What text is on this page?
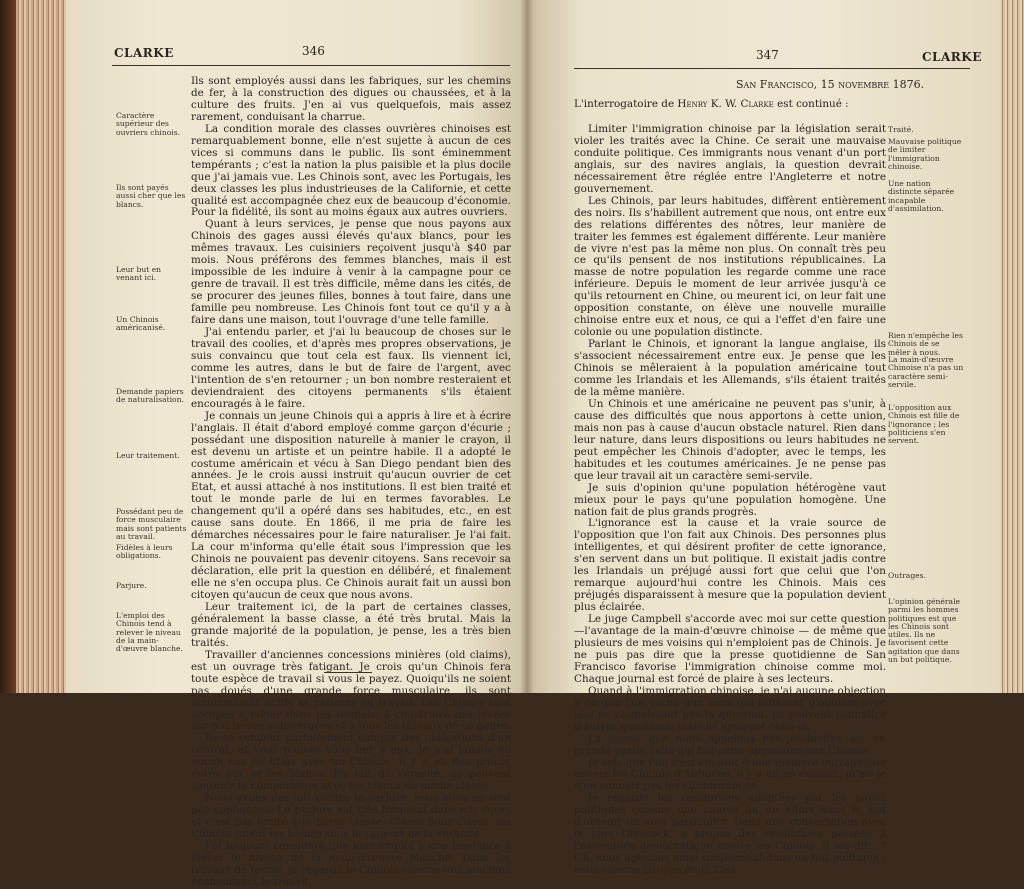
CLARKE	346
Caractère supérieur des ouvriers chinois.
Ils sont payés aussi cher que les blancs.
Leur but en venant ici.
Un Chinois américanisé.
Demande papiers de naturalisation.
Leur traitement.
Possédant peu de force musculaire mais sont patients au travail.
Fidèles à leurs obligations.
Parjure.
L'emploi des Chinois tend à relever le niveau de la main-d'œuvre blanche.

Ils sont employés aussi dans les fabriques, sur les chemins de fer, à la construction des digues ou chaussées, et à la culture des fruits. J'en ai vus quelquefois, mais assez rarement, conduisant la charrue.

La condition morale des classes ouvrières chinoises est remarquablement bonne, elle n'est sujette à aucun de ces vices si communs dans le public. Ils sont éminemment tempérants ; c'est la nation la plus paisible et la plus docile que j'ai jamais vue. Les Chinois sont, avec les Portugais, les deux classes les plus industrieuses de la Californie, et cette qualité est accompagnée chez eux de beaucoup d'économie. Pour la fidélité, ils sont au moins égaux aux autres ouvriers.

Quant à leurs services, je pense que nous payons aux Chinois des gages aussi élevés qu'aux blancs, pour les mêmes travaux. Les cuisiniers reçoivent jusqu'à $40 par mois. Nous préférons des femmes blanches, mais il est impossible de les induire à venir à la campagne pour ce genre de travail. Il est très difficile, même dans les cités, de se procurer des jeunes filles, bonnes à tout faire, dans une famille peu nombreuse. Les Chinois font tout ce qu'il y a à faire dans une maison, tout l'ouvrage d'une telle famille.

J'ai entendu parler, et j'ai lu beaucoup de choses sur le travail des coolies, et d'après mes propres observations, je suis convaincu que tout cela est faux. Ils viennent ici, comme les autres, dans le but de faire de l'argent, avec l'intention de s'en retourner ; un bon nombre resteraient et deviendraient des citoyens permanents s'ils étaient encouragés à le faire.

Je connais un jeune Chinois qui a appris à lire et à écrire l'anglais. Il était d'abord employé comme garçon d'écurie ; possédant une disposition naturelle à manier le crayon, il est devenu un artiste et un peintre habile. Il a adopté le costume américain et vécu à San Diego pendant bien des années. Je le crois aussi instruit qu'aucun ouvrier de cet Etat, et aussi attaché à nos institutions. Il est bien traité et tout le monde parle de lui en termes favorables. Le changement qu'il a opéré dans ses habitudes, etc., en est cause sans doute. En 1866, il me pria de faire les démarches nécessaires pour le faire naturaliser. Je l'ai fait. La cour m'informa qu'elle était sous l'impression que les Chinois ne pouvaient pas devenir citoyens. Sans recevoir sa déclaration, elle prit la question en délibéré, et finalement elle ne s'en occupa plus. Ce Chinois aurait fait un aussi bon citoyen qu'aucun de ceux que nous avons.

Leur traitement ici, de la part de certaines classes, généralement la basse classe, a été très brutal. Mais la grande majorité de la population, je pense, les a très bien traités.

Travailler d'anciennes concessions minières (old claims), est un ouvrage très fatigant. Je crois qu'un Chinois fera toute espèce de travail si vous le payez. Quoiqu'ils ne soient pas doués d'une grande force musculaire, ils sont éminemment actifs et patients au travail. Les Chinois sont occupés à miner dans les tunnels, à construire des levées sur nos terres submergées et à tous les travaux de ce genre.

Ils se rendent parfaitement compte des obligations d'un contrat, et vous pouvez vous fier à eux. Je n'ai jamais eu aucun cas de litige avec un Chinois. Il y a eu des procès entre eux et les blancs. En fait de véracité, ils peuvent soutenir la comparaison avec les blancs de même classe.

Nous avons des lois contre le parjure, mais elles ne sont pas appliquées. Le parjure est très fréquent dans nos cours et n'est pas limité à la basse classe. Classe pour classe, les Chinois valent les blancs sous le rapport de la véracité.

J'ai toujours considéré que leur emploi a une tendance à élever le niveau de la main-d'œuvre blanche. Dans les travaux de ferme, je regarde le Chinois comme une machine économisant le travail.

347	CLARKE
San Francisco, 15 novembre 1876.
L'interrogatoire de Henry K. W. Clarke est continué :
Traité.
Mauvaise politique de limiter l'immigration chinoise.
Une nation distincte séparée incapable d'assimilation.
Rien n'empêche les Chinois de se mêler à nous.
La main-d'œuvre Chinoise n'a pas un caractère semi-servile.
L'opposition aux Chinois est fille de l'ignorance ; les politiciens s'en servent.
Outrages.
L'opinion générale parmi les hommes politiques est que les Chinois sont utiles. Ils ne favorisent cette agitation que dans un but politique.

Limiter l'immigration chinoise par la législation serait violer les traités avec la Chine. Ce serait une mauvaise conduite politique. Ces immigrants nous venant d'un port anglais, sur des navires anglais, la question devrait nécessairement être réglée entre l'Angleterre et notre gouvernement.

Les Chinois, par leurs habitudes, diffèrent entièrement des noirs. Ils s'habillent autrement que nous, ont entre eux des relations différentes des nôtres, leur manière de traiter les femmes est également différente. Leur manière de vivre n'est pas la même non plus. On connaît très peu ce qu'ils pensent de nos institutions républicaines. La masse de notre population les regarde comme une race inférieure. Depuis le moment de leur arrivée jusqu'à ce qu'ils retournent en Chine, ou meurent ici, on leur fait une opposition constante, on élève une nouvelle muraille chinoise entre eux et nous, ce qui a l'effet d'en faire une colonie ou une population distincte.

Parlant le Chinois, et ignorant la langue anglaise, ils s'associent nécessairement entre eux. Je pense que les Chinois se mêleraient à la population américaine tout comme les Irlandais et les Allemands, s'ils étaient traités de la même manière.

Un Chinois et une américaine ne peuvent pas s'unir, à cause des difficultés que nous apportons à cette union, mais non pas à cause d'aucun obstacle naturel. Rien dans leur nature, dans leurs dispositions ou leurs habitudes ne peut empêcher les Chinois d'adopter, avec le temps, les habitudes et les coutumes américaines. Je ne pense pas que leur travail ait un caractère semi-servile.

Je suis d'opinion qu'une population hétérogène vaut mieux pour le pays qu'une population homogène. Une nation fait de plus grands progrès.

L'ignorance est la cause et la vraie source de l'opposition que l'on fait aux Chinois. Des personnes plus intelligentes, et qui désirent profiter de cette ignorance, s'en servent dans un but politique. Il existait jadis contre les Irlandais un préjugé aussi fort que celui que l'on remarque aujourd'hui contre les Chinois. Mais ces préjugés disparaissent à mesure que la population devient plus éclairée.

Le juge Campbell s'accorde avec moi sur cette question—l'avantage de la main-d'œuvre chinoise — de même que plusieurs de mes voisins qui n'emploient pas de Chinois. Je ne puis pas dire que la presse quotidienne de San Francisco favorise l'immigration chinoise comme moi. Chaque journal est forcé de plaire à ses lecteurs.

Quand à l'immigration chinoise, je n'ai aucune objection à ce que l'on sache que ceux qui diffèrent d'opinion avec moi ne connaissent pas la question. Ils peuvent connaître d'autres questions, mais ils ignorent celle-ci.

La classe que nous appelons non-productive est en grande partie celle qui fait cette opposition aux Chinois.

Je sais que l'on s'est conduit d'une manière outrageante envers les Chinois d'Antioche, il y a un an environ, m'ais je n'en connais pas les circonstances.

Je regarde les résolutions adoptées par les partis politiques comme une course ou un effort dans le but d'obtenir un vote particulier. Dans une conversation avec le juge Glascock, à propos des résolutions passées à l'assemblée démocratique contre les Chinois, il me dit : “ Oh, nous agissons ainsi simplement dans un but politique ; mais comme citoyen de la Cali-
